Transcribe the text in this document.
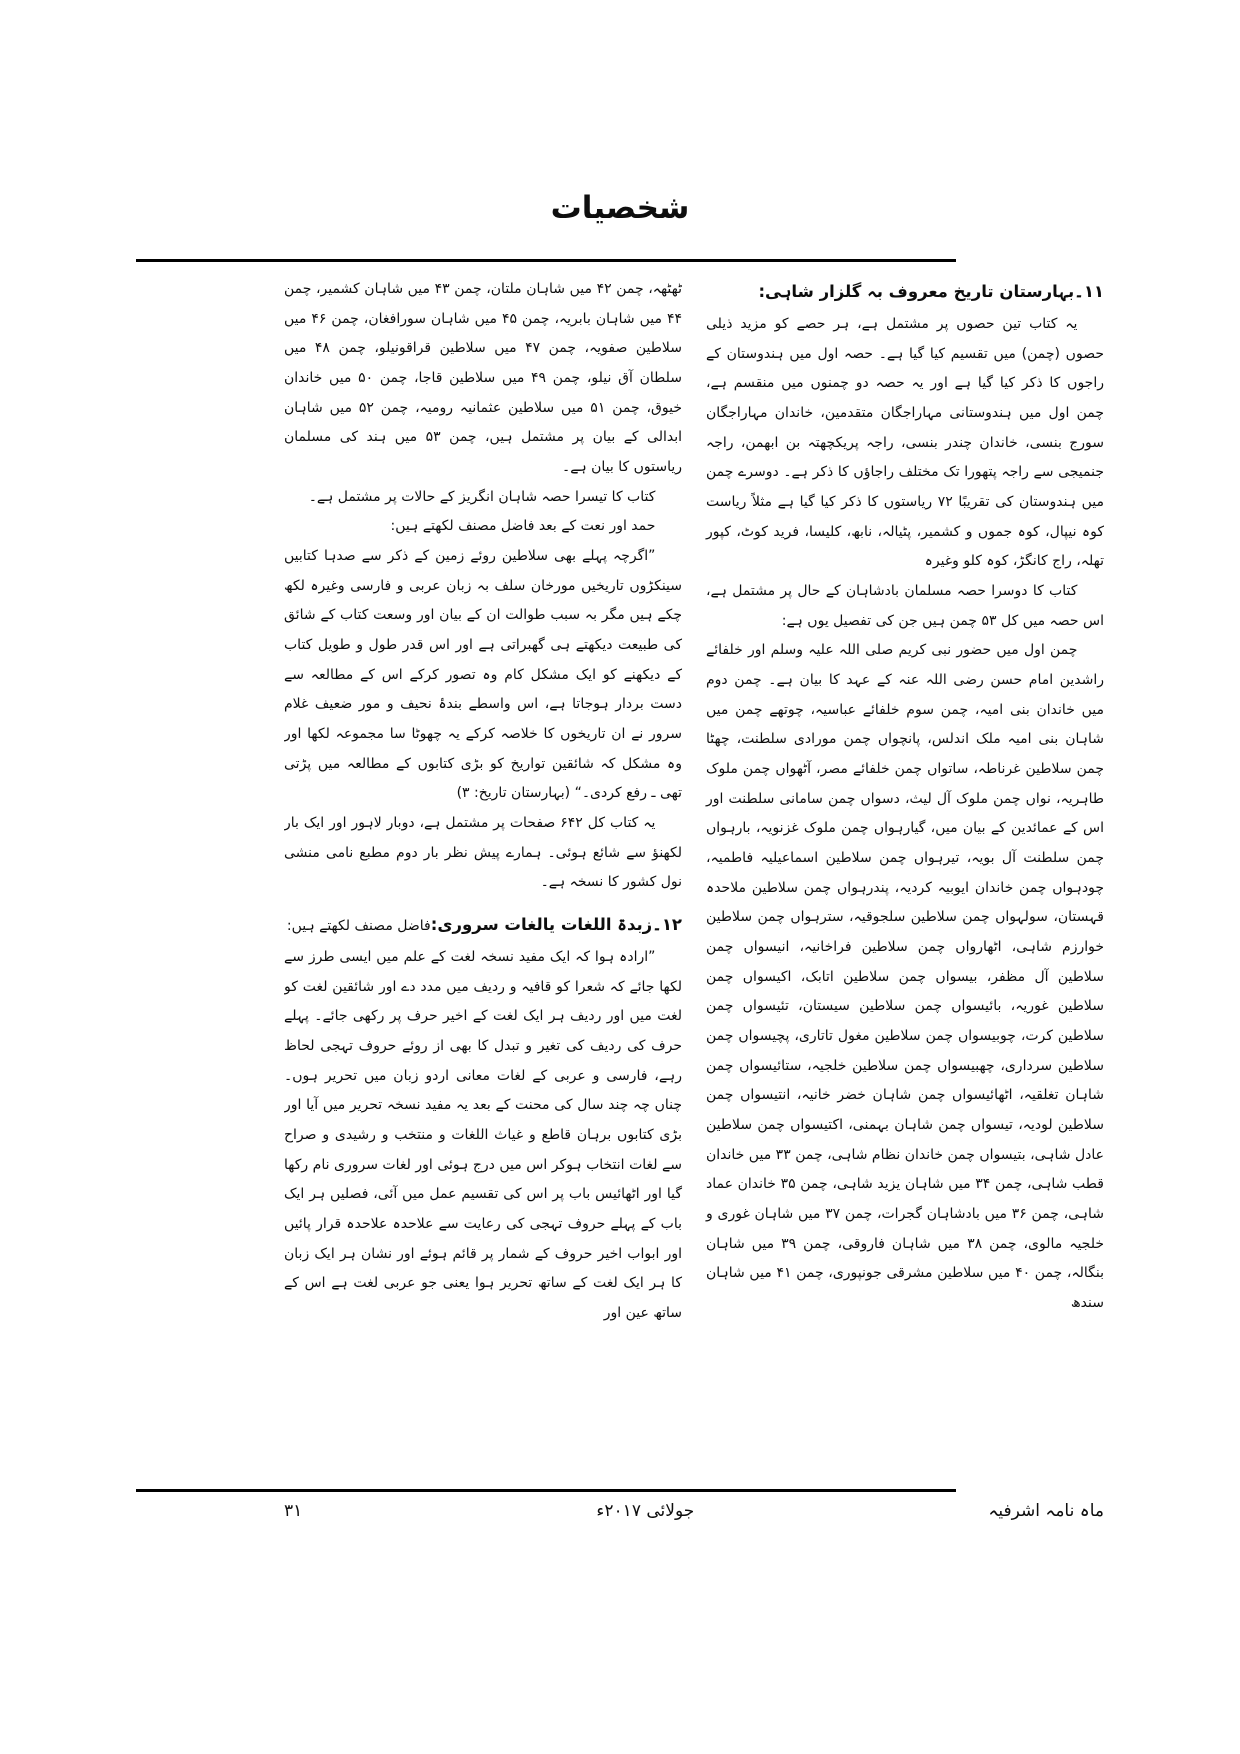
شخصیات

۱۱۔بہارستان تاریخ معروف بہ گلزار شاہی:

یہ کتاب تین حصوں پر مشتمل ہے، ہر حصے کو مزید ذیلی حصوں (چمن) میں تقسیم کیا گیا ہے۔ حصہ اول میں ہندوستان کے راجوں کا ذکر کیا گیا ہے اور یہ حصہ دو چمنوں میں منقسم ہے، چمن اول میں ہندوستانی مہاراجگان متقدمین، خاندان مہاراجگان سورج بنسی، خاندان چندر بنسی، راجہ پریکچھتہ بن ابھمن، راجہ جنمیجی سے راجہ پتھورا تک مختلف راجاؤں کا ذکر ہے۔ دوسرے چمن میں ہندوستان کی تقریبًا ۷۲ ریاستوں کا ذکر کیا گیا ہے مثلاً ریاست کوہ نیپال، کوہ جموں و کشمیر، پٹیالہ، نابھ، کلیسا، فرید کوٹ، کپور تھلہ، راج کانگڑ، کوہ کلو وغیرہ

کتاب کا دوسرا حصہ مسلمان بادشاہان کے حال پر مشتمل ہے، اس حصہ میں کل ۵۳ چمن ہیں جن کی تفصیل یوں ہے:

چمن اول میں حضور نبی کریم صلی اللہ علیہ وسلم اور خلفائے راشدین امام حسن رضی اللہ عنہ کے عہد کا بیان ہے۔ چمن دوم میں خاندان بنی امیہ، چمن سوم خلفائے عباسیہ، چوتھے چمن میں شاہان بنی امیہ ملک اندلس، پانچواں چمن مورادی سلطنت، چھٹا چمن سلاطین غرناطہ، ساتواں چمن خلفائے مصر، آٹھواں چمن ملوک طاہریہ، نواں چمن ملوک آل لیث، دسواں چمن سامانی سلطنت اور اس کے عمائدین کے بیان میں، گیارہواں چمن ملوک غزنویہ، بارہواں چمن سلطنت آل بویہ، تیرہواں چمن سلاطین اسماعیلیہ فاطمیہ، چودہواں چمن خاندان ایوبیہ کردیہ، پندرہواں چمن سلاطین ملاحدہ قہستان، سولہواں چمن سلاطین سلجوقیہ، سترہواں چمن سلاطین خوارزم شاہی، اٹھارواں چمن سلاطین فراخانیہ، انیسواں چمن سلاطین آل مظفر، بیسواں چمن سلاطین اتابک، اکیسواں چمن سلاطین غوریہ، بائیسواں چمن سلاطین سیستان، تئیسواں چمن سلاطین کرت، چوبیسواں چمن سلاطین مغول تاتاری، پچیسواں چمن سلاطین سرداری، چھبیسواں چمن سلاطین خلجیہ، ستائیسواں چمن شاہان تغلقیہ، اٹھائیسواں چمن شاہان خضر خانیہ، انتیسواں چمن سلاطین لودیہ، تیسواں چمن شاہان بہمنی، اکتیسواں چمن سلاطین عادل شاہی، بتیسواں چمن خاندان نظام شاہی، چمن ۳۳ میں خاندان قطب شاہی، چمن ۳۴ میں شاہان یزید شاہی، چمن ۳۵ خاندان عماد شاہی، چمن ۳۶ میں بادشاہان گجرات، چمن ۳۷ میں شاہان غوری و خلجیہ مالوی، چمن ۳۸ میں شاہان فاروقی، چمن ۳۹ میں شاہان بنگالہ، چمن ۴۰ میں سلاطین مشرقی جونپوری، چمن ۴۱ میں شاہان سندھ

ٹھٹھہ، چمن ۴۲ میں شاہان ملتان، چمن ۴۳ میں شاہان کشمیر، چمن ۴۴ میں شاہان بابریہ، چمن ۴۵ میں شاہان سورافغان، چمن ۴۶ میں سلاطین صفویہ، چمن ۴۷ میں سلاطین قراقونیلو، چمن ۴۸ میں سلطان آق نیلو، چمن ۴۹ میں سلاطین قاجا، چمن ۵۰ میں خاندان خیوق، چمن ۵۱ میں سلاطین عثمانیہ رومیہ، چمن ۵۲ میں شاہان ابدالی کے بیان پر مشتمل ہیں، چمن ۵۳ میں ہند کی مسلمان ریاستوں کا بیان ہے۔

کتاب کا تیسرا حصہ شاہان انگریز کے حالات پر مشتمل ہے۔

حمد اور نعت کے بعد فاضل مصنف لکھتے ہیں:

”اگرچہ پہلے بھی سلاطین روئے زمین کے ذکر سے صدہا کتابیں سینکڑوں تاریخیں مورخان سلف بہ زبان عربی و فارسی وغیرہ لکھ چکے ہیں مگر بہ سبب طوالت ان کے بیان اور وسعت کتاب کے شائق کی طبیعت دیکھتے ہی گھبراتی ہے اور اس قدر طول و طویل کتاب کے دیکھنے کو ایک مشکل کام وہ تصور کرکے اس کے مطالعہ سے دست بردار ہوجاتا ہے، اس واسطے بندۂ نحیف و مور ضعیف غلام سرور نے ان تاریخوں کا خلاصہ کرکے یہ چھوٹا سا مجموعہ لکھا اور وہ مشکل کہ شائقین تواریخ کو بڑی کتابوں کے مطالعہ میں پڑتی تھی ـ رفع کردی۔“ (بہارستان تاریخ: ۳)

یہ کتاب کل ۶۴۲ صفحات پر مشتمل ہے، دوبار لاہور اور ایک بار لکھنؤ سے شائع ہوئی۔ ہمارے پیش نظر بار دوم مطبع نامی منشی نول کشور کا نسخہ ہے۔

۱۲۔زبدۃ اللغات یالغات سروری:فاضل مصنف لکھتے ہیں:

”ارادہ ہوا کہ ایک مفید نسخہ لغت کے علم میں ایسی طرز سے لکھا جائے کہ شعرا کو قافیہ و ردیف میں مدد دے اور شائقین لغت کو لغت میں اور ردیف ہر ایک لغت کے اخیر حرف پر رکھی جائے۔ پہلے حرف کی ردیف کی تغیر و تبدل کا بھی از روئے حروف تہجی لحاظ رہے، فارسی و عربی کے لغات معانی اردو زبان میں تحریر ہوں۔ چناں چہ چند سال کی محنت کے بعد یہ مفید نسخہ تحریر میں آیا اور بڑی کتابوں برہان قاطع و غیاث اللغات و منتخب و رشیدی و صراح سے لغات انتخاب ہوکر اس میں درج ہوئی اور لغات سروری نام رکھا گیا اور اٹھائیس باب پر اس کی تقسیم عمل میں آئی، فصلیں ہر ایک باب کے پہلے حروف تہجی کی رعایت سے علاحدہ علاحدہ قرار پائیں اور ابواب اخیر حروف کے شمار پر قائم ہوئے اور نشان ہر ایک زبان کا ہر ایک لغت کے ساتھ تحریر ہوا یعنی جو عربی لغت ہے اس کے ساتھ عین اور

ماہ نامہ اشرفیہ
جولائی ۲۰۱۷ء
۳۱
